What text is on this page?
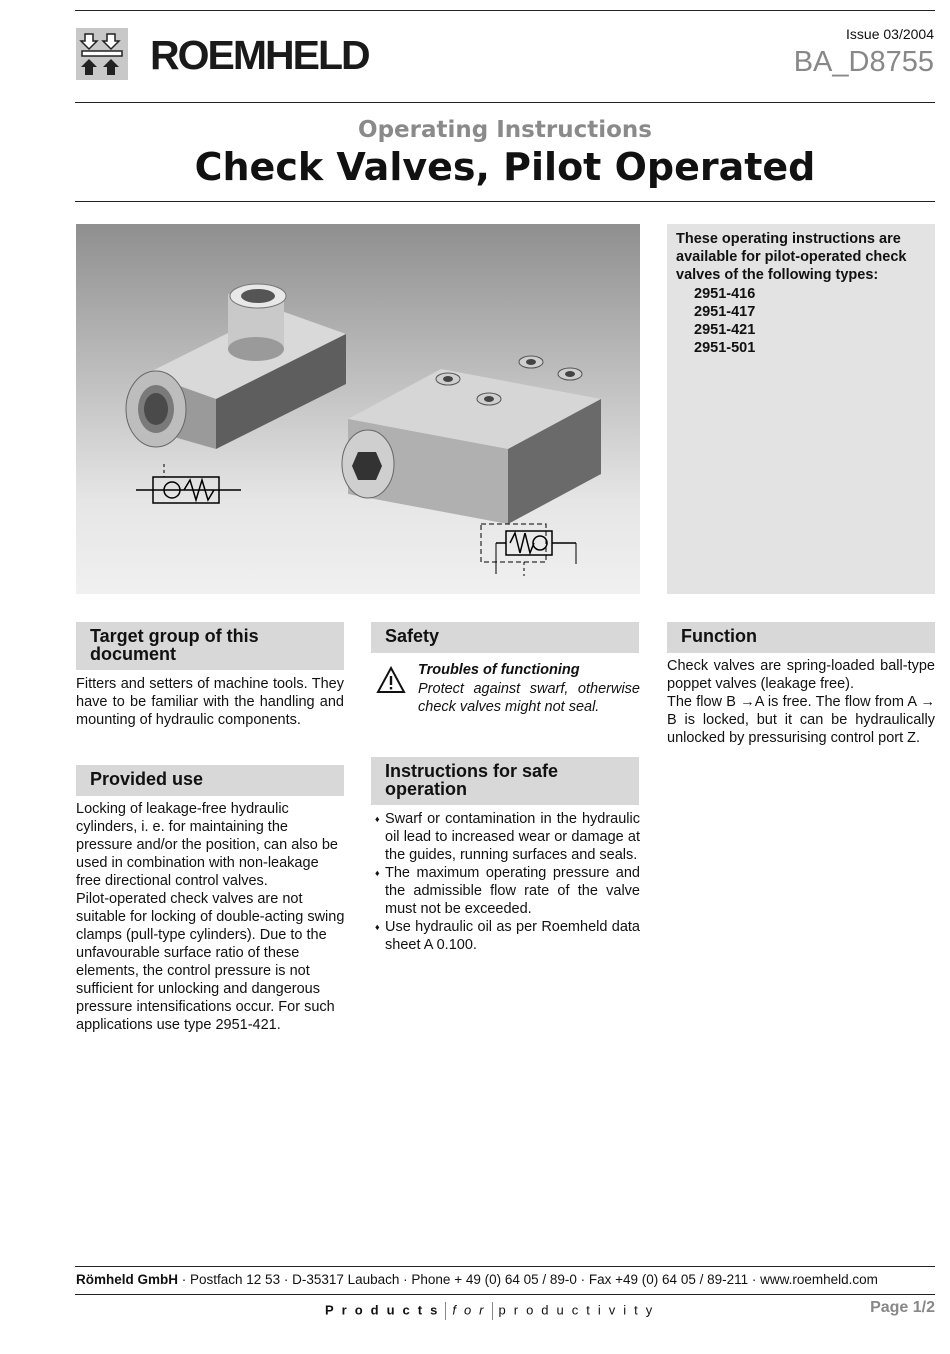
ROEMHELD	Issue 03/2004
BA_D8755
Operating Instructions
Check Valves, Pilot Operated
These operating instructions are available for pilot-operated check valves of the following types:
2951-416
2951-417
2951-421
2951-501
Target group of this document
Fitters and setters of machine tools. They have to be familiar with the handling and mounting of hydraulic components.
Provided use
Locking of leakage-free hydraulic
cylinders, i. e. for maintaining the
pressure and/or the position, can also be
used in combination with non-leakage
free directional control valves.
Pilot-operated check valves are not
suitable for locking of double-acting swing
clamps (pull-type cylinders). Due to the
unfavourable surface ratio of these
elements, the control pressure is not
sufficient for unlocking and dangerous
pressure intensifications occur. For such
applications use type 2951-421.
Safety
Troubles of functioning
Protect against swarf, otherwise check valves might not seal.
Instructions for safe operation
♦ Swarf or contamination in the hydraulic oil lead to increased wear or damage at the guides, running surfaces and seals.
♦ The maximum operating pressure and the admissible flow rate of the valve must not be exceeded.
♦ Use hydraulic oil as per Roemheld data sheet A 0.100.
Function
Check valves are spring-loaded ball-type poppet valves (leakage free).
The flow B →A is free. The flow from A → B is locked, but it can be hydraulically unlocked by pressurising control port Z.
Römheld GmbH · Postfach 12 53 · D-35317 Laubach · Phone + 49 (0) 64 05 / 89-0 · Fax +49 (0) 64 05 / 89-211 · www.roemheld.com
Products for productivity	Page 1/2
